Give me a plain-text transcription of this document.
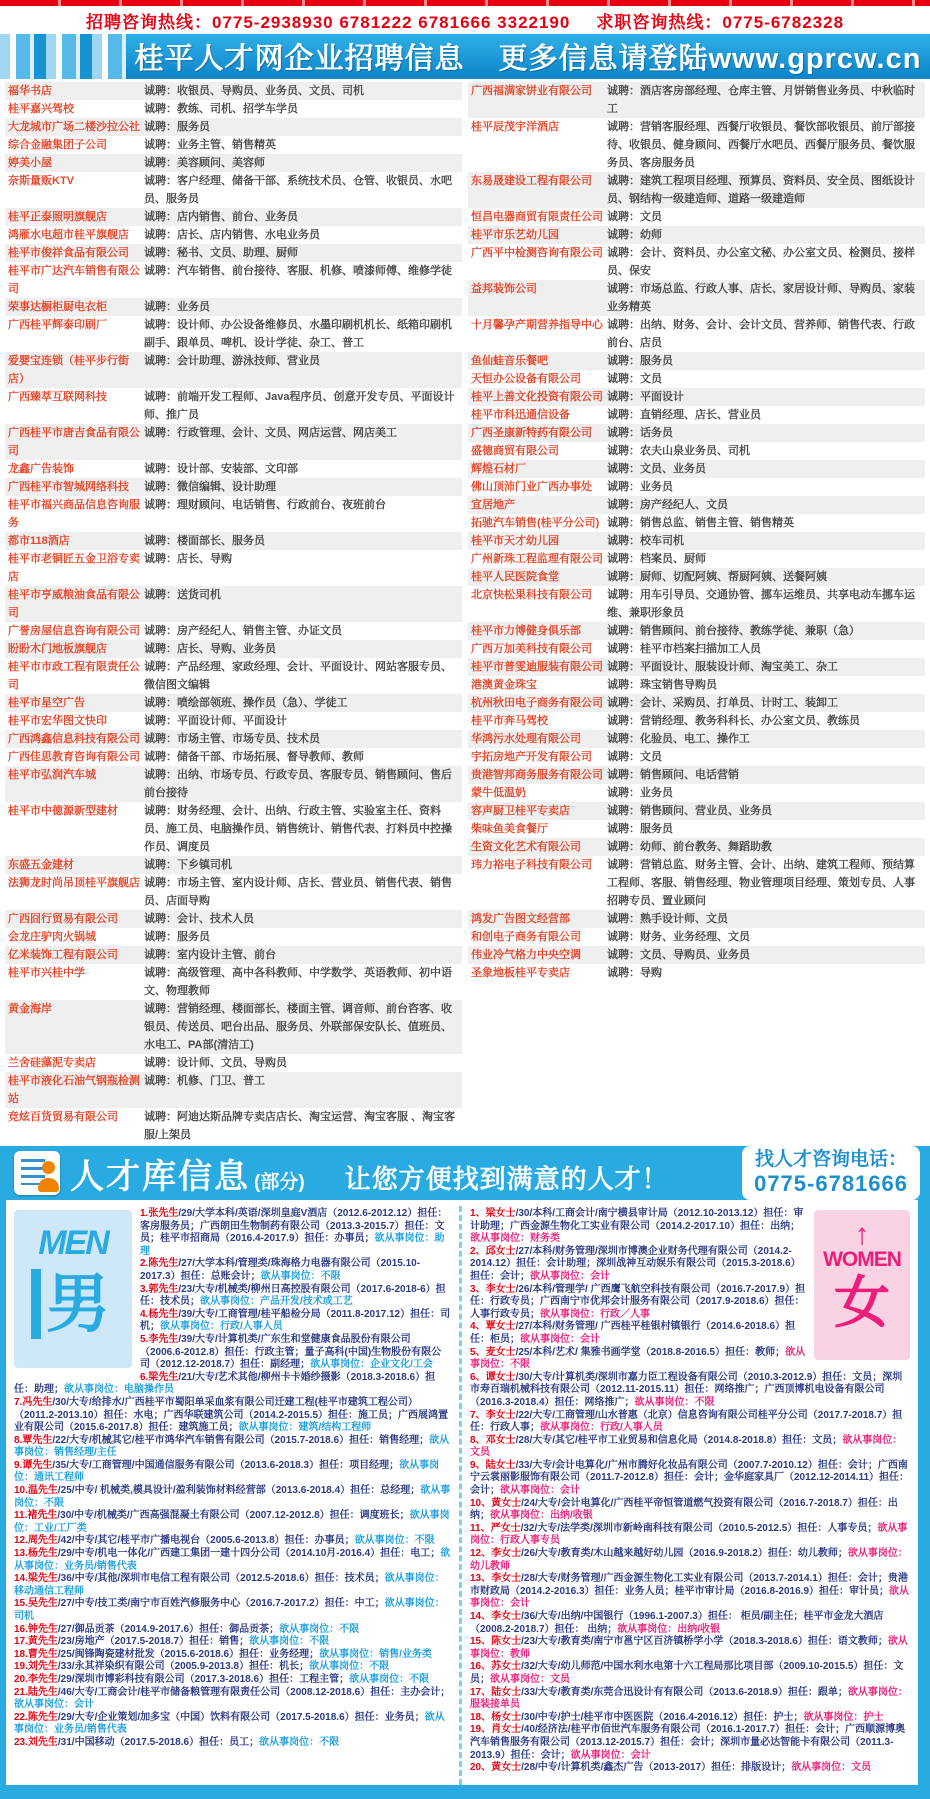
招聘咨询热线：0775-2938930 6781222 6781666 3322190 求职咨询热线：0775-6782328
桂平人才网企业招聘信息 更多信息请登陆www.gprcw.cn
福华书店	诚聘：收银员、导购员、业务员、文员、司机
桂平嘉兴驾校	诚聘：教练、司机、招学车学员
大龙城市广场二楼沙拉公社 诚聘：服务员
综合金融集团子公司	诚聘：业务主管、销售精英
婷美小屋	诚聘：美容顾问、美容师
奈斯量贩KTV	诚聘：客户经理、储备干部、系统技术员、仓管、收银员、水吧员、服务员
桂平正泰照明旗舰店	诚聘：店内销售、前台、业务员
鸿雁水电超市桂平旗舰店	诚聘：店长、店内销售、水电业务员
桂平市俊祥食品有限公司	诚聘：秘书、文员、助理、厨师
桂平市广达汽车销售有限公司
诚聘：汽车销售、前台接待、客服、机修、喷漆师傅、维修学徒
荣事达橱柜厨电衣柜	诚聘：业务员
广西桂平辉泰印刷厂	诚聘：设计师、办公设备维修员、水墨印刷机机长、纸箱印刷机副手、跟单员、啤机、设计学徒、杂工、普工
爱婴宝连锁（桂平步行街店）
诚聘：会计助理、游泳技师、营业员
广西臻萃互联网科技	诚聘：前端开发工程师、Java程序员、创意开发专员、平面设计师、推广员
广西桂平市唐吉食品有限公司
诚聘：行政管理、会计、文员、网店运营、网店美工
龙鑫广告装饰	诚聘：设计部、安装部、文印部
广西桂平市智城网络科技	诚聘：微信编辑、设计助理
桂平市福兴商品信息咨询服务
诚聘：理财顾问、电话销售、行政前台、夜班前台
都市118酒店	诚聘：楼面部长、服务员
桂平市老铜匠五金卫浴专卖店
诚聘：店长、导购
桂平市亨威粮油食品有限公司
诚聘：送货司机
广誉房屋信息咨询有限公司 诚聘：房产经纪人、销售主管、办证文员
盼盼木门地板旗舰店	诚聘：店长、导购、业务员
桂平市市政工程有限责任公司
诚聘：产品经理、家政经理、会计、平面设计、网站客服专员、微信图文编辑
桂平市星空广告	诚聘：喷绘部领班、操作员（急）、学徒工
桂平市宏华图文快印	诚聘：平面设计师、平面设计
广西鸿鑫信息科技有限公司 诚聘：市场主管、市场专员、技术员
广西佳思教育咨询有限公司 诚聘：储备干部、市场拓展、督导教师、教师
桂平市弘润汽车城	诚聘：出纳、市场专员、行政专员、客服专员、销售顾问、售后前台接待
桂平市中德源新型建材	诚聘：财务经理、会计、出纳、行政主管、实验室主任、资料员、施工员、电脑操作员、销售统计、销售代表、打料员中控操作员、调度员
东盛五金建材	诚聘：下乡镇司机
法狮龙时尚吊顶桂平旗舰店 诚聘：市场主管、室内设计师、店长、营业员、销售代表、销售员、店面导购
广西囧行贸易有限公司	诚聘：会计、技术人员
会龙庄驴肉火锅城	诚聘：服务员
亿米装饰工程有限公司	诚聘：室内设计主管、前台
桂平市兴桂中学	诚聘：高级管理、高中各科教师、中学数学、英语教师、初中语文、物理教师
黄金海岸	诚聘：营销经理、楼面部长、楼面主管、调音师、前台咨客、收银员、传送员、吧台出品、服务员、外联部保安队长、值班员、水电工、PA部(清洁工)
兰舍硅藻泥专卖店	诚聘：设计师、文员、导购员
桂平市液化石油气钢瓶检测站
诚聘：机修、门卫、普工
竞炫百货贸易有限公司	诚聘：阿迪达斯品牌专卖店店长、淘宝运营、淘宝客服 、淘宝客服/上架员
广西福满家饼业有限公司	诚聘：酒店客房部经理、仓库主管、月饼销售业务员、中秋临时工
桂平辰茂宇洋酒店	诚聘：营销客服经理、西餐厅收银员、餐饮部收银员、前厅部接待、收银员、健身顾问、西餐厅水吧员、西餐厅服务员、餐饮服务员、客房服务员
东易晟建设工程有限公司	诚聘：建筑工程项目经理、预算员、资料员、安全员、图纸设计员、钢结构一级建造师、道路一级建造师
恒昌电器商贸有限责任公司 诚聘：文员
桂平市乐艺幼儿园	诚聘：幼师
广西平中检测咨询有限公司 诚聘：会计、资料员、办公室文秘、办公室文员、检测员、接样员、保安
益邦装饰公司	诚聘：市场总监、行政人事、店长、家居设计师、导购员、家装业务精英
十月馨孕产期营养指导中心 诚聘：出纳、财务、会计、会计文员、营养师、销售代表、行政前台、店员
鱼仙蛙音乐餐吧	诚聘：服务员
天恒办公设备有限公司	诚聘：文员
桂平上善文化投资有限公司 诚聘：平面设计
桂平市科迅通信设备	诚聘：直销经理、店长、营业员
广西圣康新特药有限公司	诚聘：话务员
盛德商贸有限公司	诚聘：农夫山泉业务员、司机
辉煌石材厂	诚聘：文员、业务员
佛山顶沛门业广西办事处	诚聘：业务员
宜居地产	诚聘：房产经纪人、文员
拓驰汽车销售(桂平分公司) 诚聘：销售总监、销售主管、销售精英
桂平市天才幼儿园	诚聘：校车司机
广州新珠工程监理有限公司 诚聘：档案员、厨师
桂平人民医院食堂	诚聘：厨师、切配阿姨、帮厨阿姨、送餐阿姨
北京快松果科技有限公司	诚聘：用车引导员、交通协管、挪车运维员、共享电动车挪车运维、兼职形象员
桂平市力博健身俱乐部	诚聘：销售顾问、前台接待、教练学徒、兼职（急）
广西万加美科技有限公司	诚聘：桂平市档案扫描加工人员
桂平市普雯迪服装有限公司 诚聘：平面设计、服装设计师、淘宝美工、杂工
港澳黄金珠宝	诚聘：珠宝销售导购员
杭州秋田电子商务有限公司 诚聘：会计、采购员、打单员、计时工、装卸工
桂平市奔马驾校	诚聘：营销经理、教务科科长、办公室文员、教练员
华鸿污水处理有限公司	诚聘：化验员、电工、操作工
宇拓房地产开发有限公司	诚聘：文员
贵港智邦商务服务有限公司 诚聘：销售顾问、电话营销
蒙牛低温奶	诚聘：业务员
容声厨卫桂平专卖店	诚聘：销售顾问、营业员、业务员
柴味鱼美食餐厅	诚聘：服务员
生资文化艺术有限公司	诚聘：幼师、前台教务、舞蹈助教
玮力裕电子科技有限公司	诚聘：营销总监、财务主管、会计、出纳、建筑工程师、预结算工程师、客服、销售经理、物业管理项目经理、策划专员、人事招聘专员、置业顾问
鸿发广告图文经营部	诚聘：熟手设计师、文员
和创电子商务有限公司	诚聘：财务、业务经理、文员
伟业冷气格力中央空调	诚聘：文员、导购员、业务员
圣象地板桂平专卖店	诚聘：导购
人才库信息 (部分) 让您方便找到满意的人才！
找人才咨询电话：
0775-6781666
MEN
男
1.张先生/29/大学本科/英语/深圳皇庭V酒店（2012.6-2012.12）担任：客房服务员；广西朗田生物制药有限公司（2013.3-2015.7）担任：文员；桂平市招商局（2016.4-2017.9）担任：办事员；欲从事岗位：助理
2.陈先生/27/大学本科/管理类/珠海格力电器有限公司（2015.10-2017.3）担任：总账会计；欲从事岗位：不限
3.郭先生/23/大专/机械类/柳州日高控股有限公司（2017.6-2018-6）担任：技术员；欲从事岗位：产品开发/技术或工艺
4.杨先生/39/大专/工商管理/桂平船检分局（2011.8-2017.12）担任：司机；欲从事岗位：行政/人事人员
5.李先生/39/大专/计算机类/广东生和堂健康食品股份有限公司（2006.6-2012.8）担任：行政主管；量子高科(中国)生物股份有限公司（2012.12-2018.7）担任：副经理；欲从事岗位：企业文化/工会
6.梁先生/21/大专/艺术其他/柳州卡卡婚纱摄影（2018.3-2018.6）担任：助理；欲从事岗位：电脑操作员
7.冯先生/30/大专/给排水/广西桂平市蜀阳单采血浆有限公司迁建工程(桂平市建筑工程公司）（2011.2-2013.10）担任：水电；广西华联建筑公司（2014.2-2015.5）担任：施工员；广西展鸿置业有限公司（2015.6-2017.8）担任：建筑施工员；欲从事岗位：建筑/结构工程师
8.覃先生/22/大专/机械其它/桂平市鸿华汽车销售有限公司（2015.7-2018.6）担任：销售经理；欲从事岗位：销售经理/主任
9.谭先生/35/大专/工商管理/中国通信服务有限公司（2013.6-2018.3）担任：项目经理；欲从事岗位：通讯工程师
10.温先生/25/中专/ 机械类,模具设计/盈利装饰材料经营部（2013.6-2018.4）担任：总经理；欲从事岗位：不限
11.褚先生/30/中专/机械类/广西高强混凝土有限公司（2007.12-2012.8）担任：调度班长；欲从事岗位：工业/工厂类
12.周先生/42/中专/其它/桂平市广播电视台（2005.6-2013.8）担任：办事员；欲从事岗位：不限
13.杨先生/29/中专/机电一体化/广西建工集团一建十四分公司（2014.10月-2016.4）担任：电工；欲从事岗位：业务员/销售代表
14.梁先生/36/中专/其他/深圳市电信工程有限公司（2012.5-2018.6）担任：技术员；欲从事岗位：移动通信工程师
15.吴先生/27/中专/技工类/南宁市百姓汽修服务中心（2016.7-2017.2）担任：中工；欲从事岗位：司机
16.钟先生/27/御品贡茶（2014.9-2017.6）担任：御品贡茶；欲从事岗位：不限
17.黄先生/23/房地产（2017.5-2018.7）担任：销售；欲从事岗位：不限
18.曹先生/25/闽锋陶瓷建材批发（2015.6-2018.6）担任：业务经理；欲从事岗位：销售/业务类
19.刘先生/33/永其祥染织有限公司（2005.9-2013.8）担任：机长；欲从事岗位：不限
20.李先生/29/深圳市博彩科技有限公司（2017.3-2018.6）担任：工程主管；欲从事岗位：不限
21.陆先生/46/大专/工商会计/桂平市储备粮管理有限责任公司（2008.12-2018.6）担任：主办会计；欲从事岗位：会计
22.陈先生/29/大专/企业策划/加多宝（中国）饮料有限公司（2017.5-2018.6）担任：业务员；欲从事岗位：业务员/销售代表
23.刘先生/31/中国移动（2017.5-2018.6）担任：员工；欲从事岗位：不限
↑
WOMEN
女
1、梁女士/30/本科/工商会计/南宁横县审计局（2012.10-2013.12）担任：审计助理；广西金源生物化工实业有限公司（2014.2-2017.10）担任：出纳；欲从事岗位：财务类
2、邱女士/27/本科/财务管理/深圳市博澳企业财务代理有限公司（2014.2-2014.12）担任：会计助理；深圳战神互动娱乐有限公司（2015.3-2018.6）担任：会计；欲从事岗位：会计
3、李女士/26/本科/管理学/ 广西鹰飞航空科技有限公司（2016.7-2017.9）担任：行政专员；广西南宁市优邦会计服务有限公司（2017.9-2018.6）担任：人事行政专员；欲从事岗位：行政／人事
4、覃女士/27/本科/财务管理/ 广西桂平桂银村镇银行（2014.6-2018.6）担任：柜员；欲从事岗位：会计
5、麦女士/25/本科/艺术/ 集雅书画学堂（2018.8-2016.5）担任：教师；欲从事岗位：不限
6、谭女士/30/大专/计算机类/深圳市嘉力臣工程设备有限公司（2010.3-2012.9）担任：文员；深圳市寿百瑞机械科技有限公司（2012.11-2015.11）担任：网络推广；广西顶博机电设备有限公司（2016.3-2018.4）担任：网络推广；欲从事岗位：不限
7、李女士/22/大专/工商管理/山水普惠（北京）信息咨询有限公司桂平分公司（2017.7-2018.7）担任：行政人事；欲从事岗位：行政/人事人员
8、邓女士/28/大专/其它/桂平市工业贸易和信息化局（2014.8-2018.8）担任：文员；欲从事岗位：文员
9、陆女士/33/大专/会计电算化/广州市腾好化妆品有限公司（2007.7-2010.12）担任：会计；广西南宁云裳丽影服饰有限公司（2011.7-2012.8）担任：会计；金华庭家具厂（2012.12-2014.11）担任：会计；欲从事岗位：会计
10、黄女士/24/大专/会计电算化/广西桂平帝恒管道燃气投资有限公司（2016.7-2018.7）担任：出纳；欲从事岗位：出纳/收银
11、严女士/32/大专/法学类/深圳市新岭南科技有限公司（2010.5-2012.5）担任：人事专员；欲从事岗位：行政人事专员
12、李女士/26/大专/教育类/木山越来越好幼儿园（2016.9-2018.2）担任：幼儿教师；欲从事岗位：幼儿教师
13、李女士/28/大专/财务管理/广西金源生物化工实业有限公司（2013.7-2014.1）担任：会计；贵港市财政局（2014.2-2016.3）担任：业务人员；桂平市审计局（2016.8-2016.9）担任：审计员；欲从事岗位：会计
14、李女士/36/大专/出纳/中国银行（1996.1-2007.3）担任： 柜员/副主任；桂平市金龙大酒店（2008.2-2018.7）担任： 出纳；欲从事岗位：出纳/收银
15、陈女士/23/大专/教育类/南宁市邕宁区百济镇桥学小学（2018.3-2018.6）担任：语文教师；欲从事岗位：教师
16、苏女士/32/大专/幼儿师范/中国水利水电第十六工程局那比项目部（2009.10-2015.5）担任：文员；欲从事岗位：文员
17、陆女士/33/大专/教育类/东莞合迅设计有有限公司（2013.6-2018.9）担任：跟单；欲从事岗位：服装接单员
18、杨女士/30/中专/护士/桂平市中医医院（2016.4-2016.12）担任：护士；欲从事岗位：护士
19、肖女士/40/经济法/桂平市佰世汽车服务有限公司（2016.1-2017.7）担任：会计；广西顺源博奥汽车销售服务有限公司（2013.12-2015.7）担任：会计；深圳市量必达智能卡有限公司（2011.3-2013.9）担任：会计；欲从事岗位：会计
20、黄女士/28/中专/计算机类/鑫杰广告（2013-2017）担任：排版设计；欲从事岗位：文员
